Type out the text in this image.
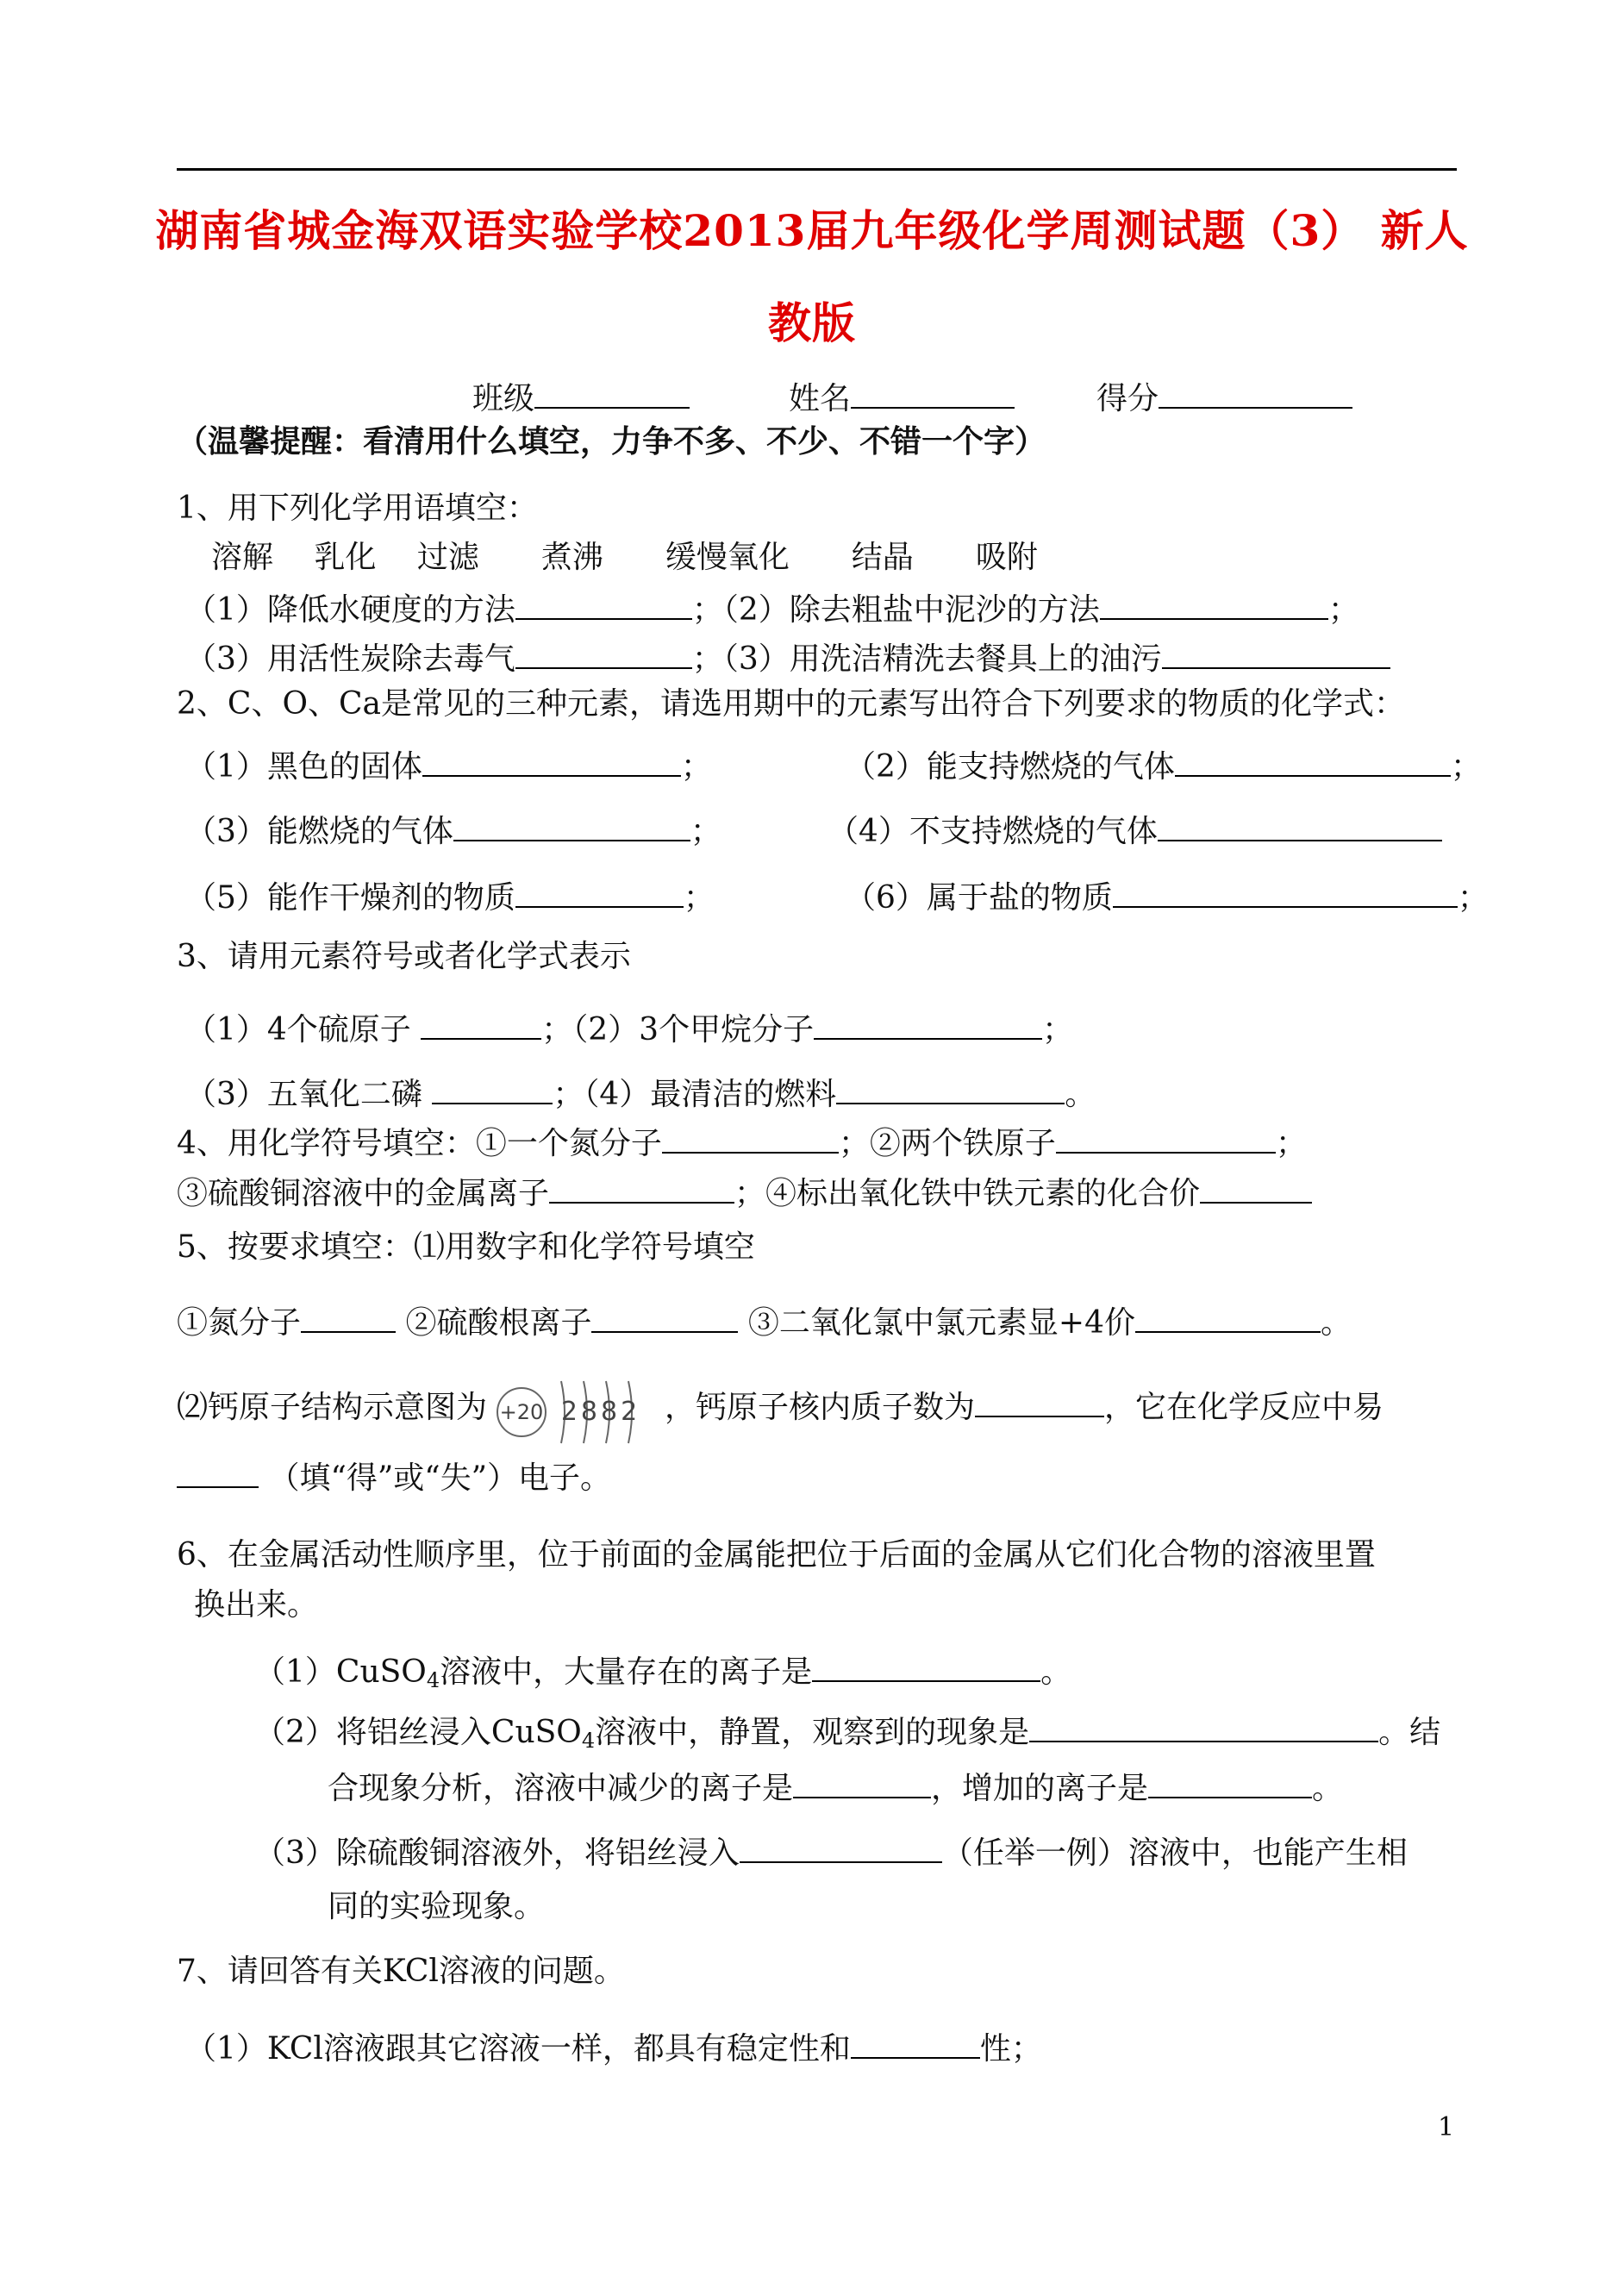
湖南省城金海双语实验学校2013届九年级化学周测试题（3） 新人
教版
班级	姓名	得分
（温馨提醒：看清用什么填空，力争不多、不少、不错一个字）
1、用下列化学用语填空：
溶解　 乳化　 过滤　　煮沸　　缓慢氧化　　结晶　　吸附
（1）降低水硬度的方法	；（2）除去粗盐中泥沙的方法	；
（3）用活性炭除去毒气	；（3）用洗洁精洗去餐具上的油污
2、C、O、Ca是常见的三种元素，请选用期中的元素写出符合下列要求的物质的化学式：
（1）黑色的固体	；	（2）能支持燃烧的气体	；
（3）能燃烧的气体	；	（4）不支持燃烧的气体
（5）能作干燥剂的物质	；	（6）属于盐的物质	；
3、请用元素符号或者化学式表示
（1）4个硫原子	；（2）3个甲烷分子	；
（3）五氧化二磷	；（4）最清洁的燃料	。
4、用化学符号填空：①一个氮分子	；②两个铁原子	；
③硫酸铜溶液中的金属离子	；④标出氧化铁中铁元素的化合价
5、按要求填空：⑴用数字和化学符号填空
①氮分子	②硫酸根离子	③二氧化氯中氯元素显+4价	。
⑵钙原子结构示意图为 +20 2882 ，钙原子核内质子数为	，它在化学反应中易
（填“得”或“失”）电子。
6、在金属活动性顺序里，位于前面的金属能把位于后面的金属从它们化合物的溶液里置
换出来。
（1）CuSO$_4$溶液中，大量存在的离子是	。
（2）将铝丝浸入CuSO$_4$溶液中，静置，观察到的现象是	。结
合现象分析，溶液中减少的离子是	，增加的离子是	。
（3）除硫酸铜溶液外，将铝丝浸入	（任举一例）溶液中，也能产生相
同的实验现象。
7、请回答有关KCl溶液的问题。
（1）KCl溶液跟其它溶液一样，都具有稳定性和	性；
1
